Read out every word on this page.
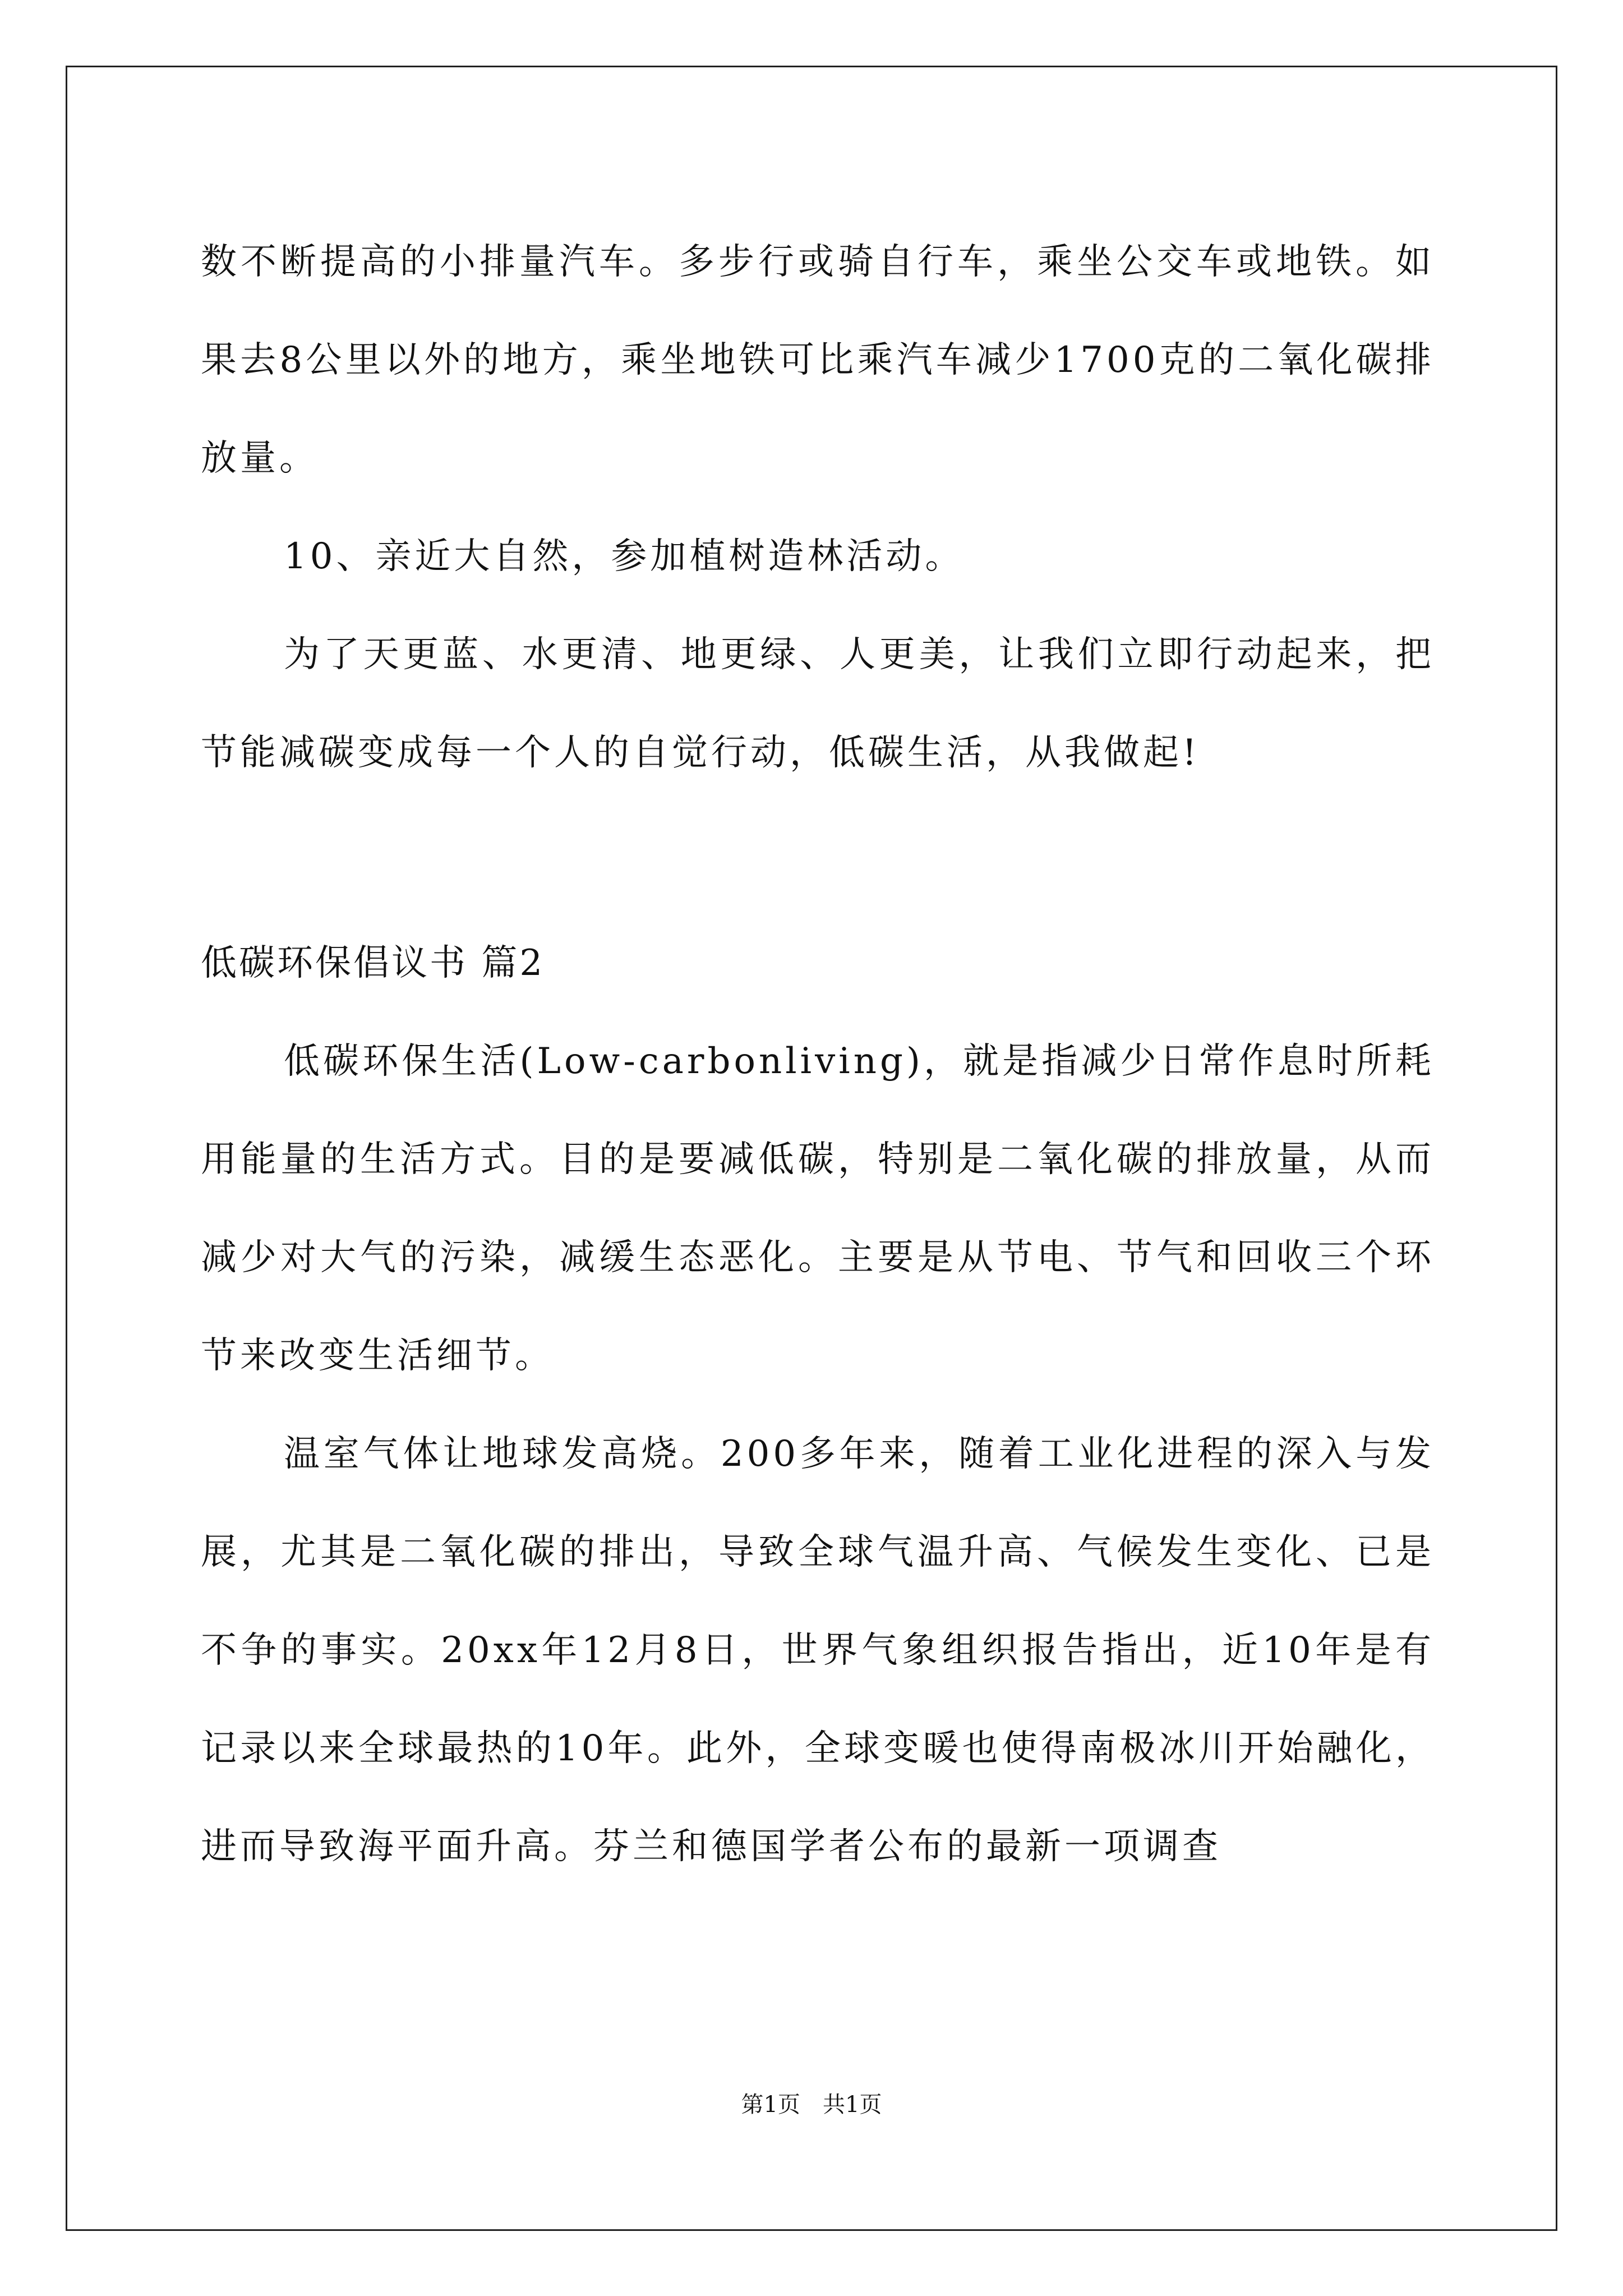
数不断提高的小排量汽车。多步行或骑自行车，乘坐公交车或地铁。如果去8公里以外的地方，乘坐地铁可比乘汽车减少1700克的二氧化碳排放量。

10、亲近大自然，参加植树造林活动。

为了天更蓝、水更清、地更绿、人更美，让我们立即行动起来，把节能减碳变成每一个人的自觉行动，低碳生活，从我做起!

低碳环保倡议书 篇2

低碳环保生活(Low-carbonliving)，就是指减少日常作息时所耗用能量的生活方式。目的是要减低碳，特别是二氧化碳的排放量，从而减少对大气的污染，减缓生态恶化。主要是从节电、节气和回收三个环节来改变生活细节。

温室气体让地球发高烧。200多年来，随着工业化进程的深入与发展，尤其是二氧化碳的排出，导致全球气温升高、气候发生变化、已是不争的事实。20xx年12月8日，世界气象组织报告指出，近10年是有记录以来全球最热的10年。此外，全球变暖也使得南极冰川开始融化，进而导致海平面升高。芬兰和德国学者公布的最新一项调查

第1页　共1页
